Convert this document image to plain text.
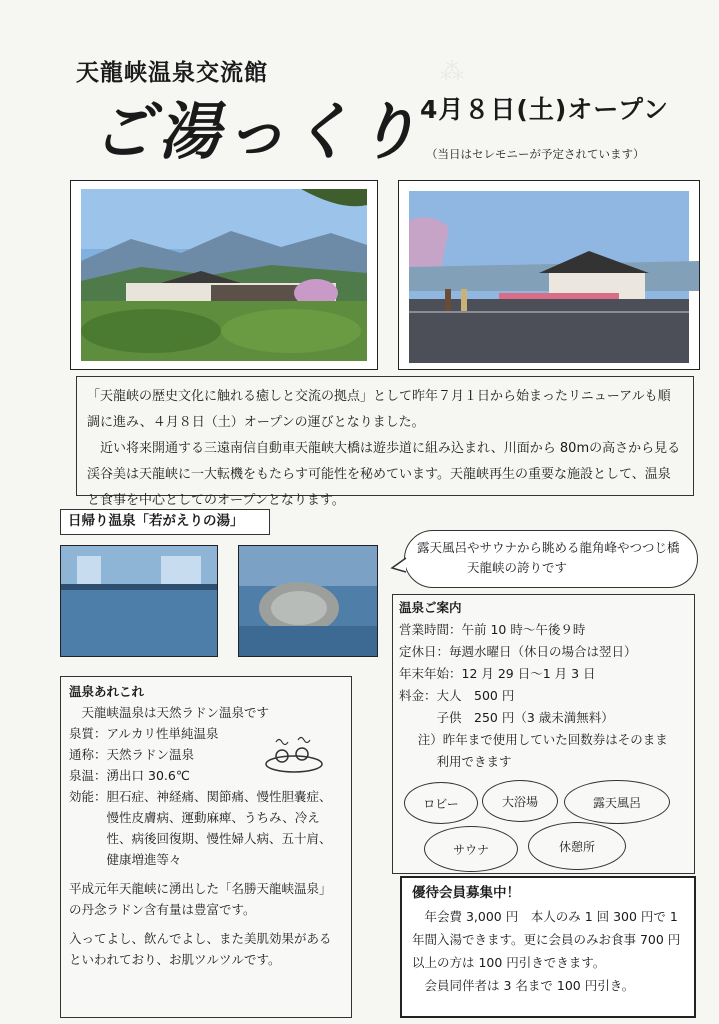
⁂
天龍峡温泉交流館
ご湯っくり
4月８日(土)オープン
（当日はセレモニーが予定されています）

「天龍峡の歴史文化に触れる癒しと交流の拠点」として昨年７月１日から始まったリニューアルも順調に進み、４月８日（土）オープンの運びとなりました。

近い将来開通する三遠南信自動車天龍峡大橋は遊歩道に組み込まれ、川面から 80mの高さから見る渓谷美は天龍峡に一大転機をもたらす可能性を秘めています。天龍峡再生の重要な施設として、温泉と食事を中心としてのオープンとなります。

日帰り温泉「若がえりの湯」
露天風呂やサウナから眺める龍角峰やつつじ橋
天龍峡の誇りです
温泉あれこれ
天龍峡温泉は天然ラドン温泉です
泉質： アルカリ性単純温泉
通称： 天然ラドン温泉
泉温： 湧出口 30.6℃
効能： 胆石症、神経痛、関節痛、慢性胆嚢症、慢性皮膚病、運動麻痺、うちみ、冷え性、病後回復期、慢性婦人病、五十肩、健康増進等々
平成元年天龍峡に湧出した「名勝天龍峡温泉」の丹念ラドン含有量は豊富です。
入ってよし、飲んでよし、また美肌効果があるといわれており、お肌ツルツルです。
温泉ご案内
営業時間：午前 10 時～午後９時
定休日：毎週水曜日（休日の場合は翌日）
年末年始：12 月 29 日～1 月 3 日
料金： 大人　500 円
子供　250 円（3 歳未満無料）
注）昨年まで使用していた回数券はそのまま
利用できます
ロビー	大浴場	露天風呂
サウナ	休憩所
優待会員募集中！
年会費 3,000 円　本人のみ 1 回 300 円で 1 年間入湯できます。更に会員のみお食事 700 円以上の方は 100 円引きできます。
会員同伴者は 3 名まで 100 円引き。
